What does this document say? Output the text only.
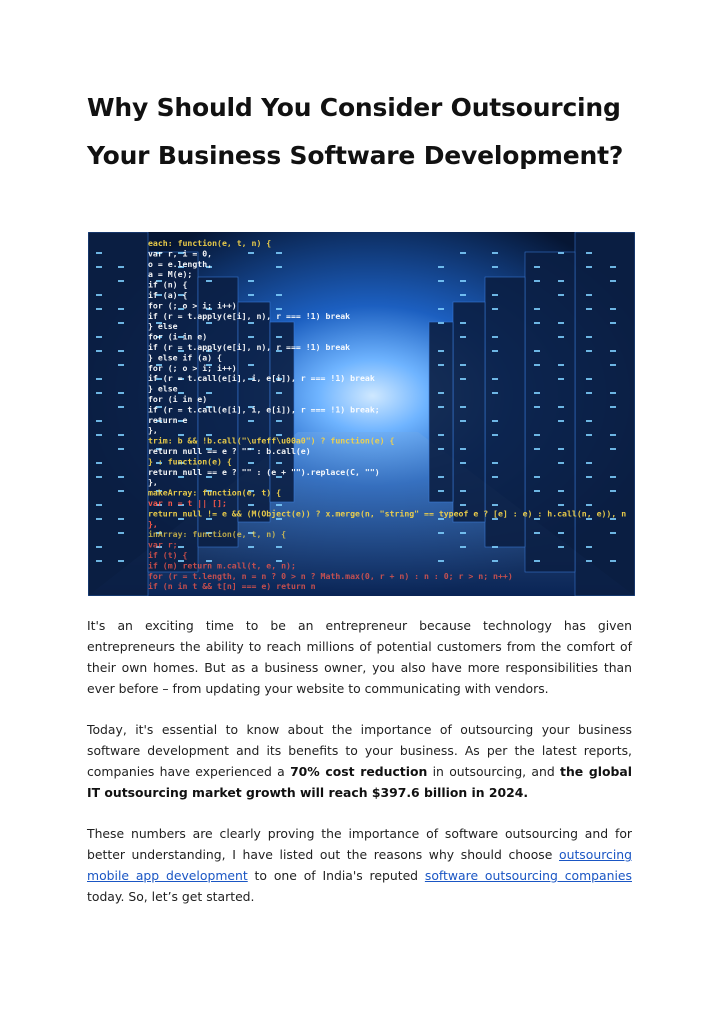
Why Should You Consider Outsourcing
Your Business Software Development?
each: function(e, t, n) {
var r, i = 0,
o = e.length,
a = M(e);
if (n) {
if (a) {
for (; o > i; i++)
if (r = t.apply(e[i], n), r === !1) break
} else
for (i in e)
if (r = t.apply(e[i], n), r === !1) break
} else if (a) {
for (; o > i; i++)
if (r = t.call(e[i], i, e[i]), r === !1) break
} else
for (i in e)
if (r = t.call(e[i], i, e[i]), r === !1) break;
return e
},
trim: b && !b.call("\ufeff\u00a0") ? function(e) {
return null == e ? "" : b.call(e)
} : function(e) {
return null == e ? "" : (e + "").replace(C, "")
},
makeArray: function(e, t) {
var n = t || [];
return null != e && (M(Object(e)) ? x.merge(n, "string" == typeof e ? [e] : e) : h.call(n, e)), n
},
inArray: function(e, t, n) {
var r;
if (t) {
if (m) return m.call(t, e, n);
for (r = t.length, n = n ? 0 > n ? Math.max(0, r + n) : n : 0; r > n; n++)
if (n in t && t[n] === e) return n

It's an exciting time to be an entrepreneur because technology has given entrepreneurs the ability to reach millions of potential customers from the comfort of their own homes. But as a business owner, you also have more responsibilities than ever before – from updating your website to communicating with vendors.

Today, it's essential to know about the importance of outsourcing your business software development and its benefits to your business. As per the latest reports, companies have experienced a 70% cost reduction in outsourcing, and the global IT outsourcing market growth will reach $397.6 billion in 2024.

These numbers are clearly proving the importance of software outsourcing and for better understanding, I have listed out the reasons why should choose outsourcing mobile app development to one of India's reputed software outsourcing companies today. So, let’s get started.
